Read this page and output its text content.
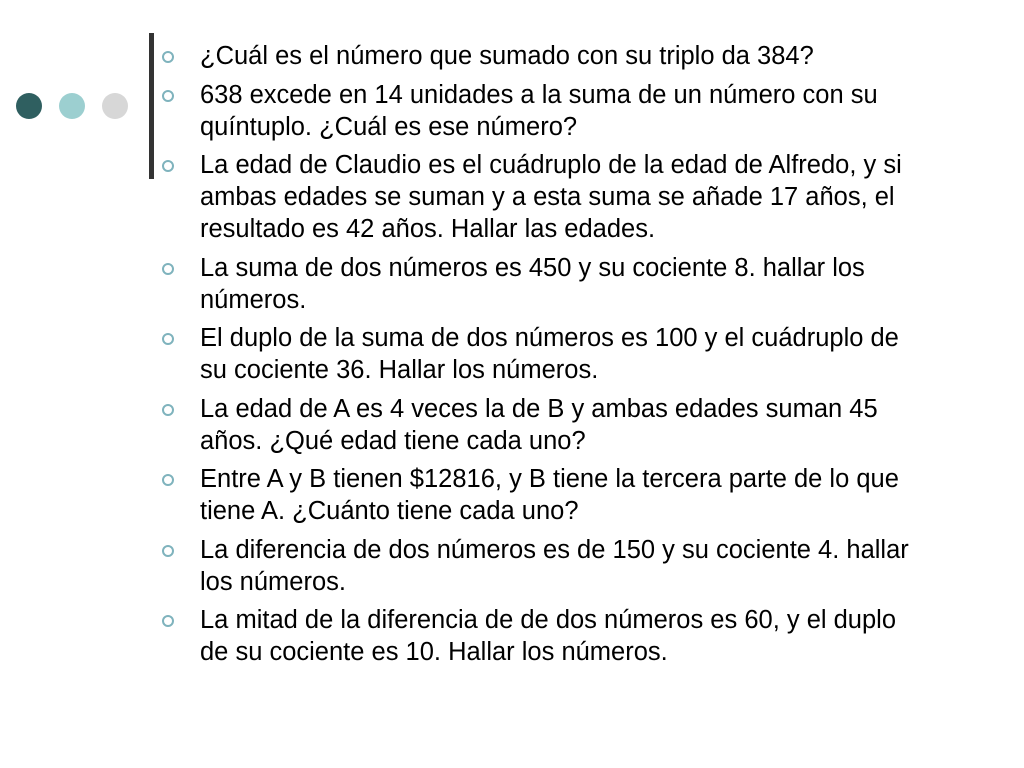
¿Cuál es el número que sumado con su triplo da 384?
638 excede en 14 unidades a la suma de un número con su quíntuplo. ¿Cuál es ese número?
La edad de Claudio es el cuádruplo de la edad de Alfredo, y si ambas edades se suman y a esta suma se añade 17 años, el resultado es 42 años. Hallar las edades.
La suma de dos números es 450 y su cociente 8. hallar los números.
El duplo de la suma de dos números es 100 y el cuádruplo de su cociente 36. Hallar los números.
La edad de A es 4 veces la de B y ambas edades suman 45 años. ¿Qué edad tiene cada uno?
Entre A y B tienen $12816, y B tiene la tercera parte de lo que tiene A. ¿Cuánto tiene cada uno?
La diferencia de dos números es de 150 y su cociente 4. hallar los números.
La mitad de la diferencia de de dos números es 60, y el duplo de su cociente es 10. Hallar los números.
